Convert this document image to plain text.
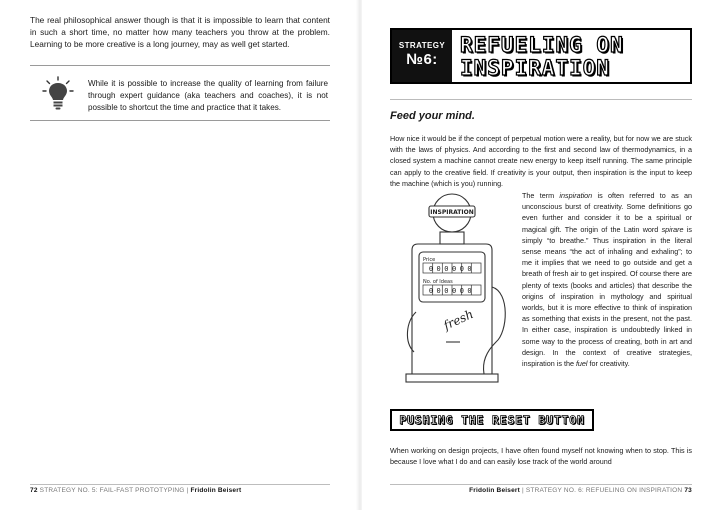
The real philosophical answer though is that it is impossible to learn that content in such a short time, no matter how many teachers you throw at the problem. Learning to be more creative is a long journey, may as well get started.

While it is possible to increase the quality of learning from failure through expert guidance (aka teachers and coaches), it is not possible to shortcut the time and practice that it takes.

72 STRATEGY NO. 5: FAIL-FAST PROTOTYPING | Fridolin Beisert
STRATEGY
№6:
REFUELING ON INSPIRATION

Feed your mind.

How nice it would be if the concept of perpetual motion were a reality, but for now we are stuck with the laws of physics. And according to the first and second law of thermodynamics, in a closed system a machine cannot create new energy to keep itself running. The same principle can apply to the creative field. If creativity is your output, then inspiration is the input to keep the machine (which is you) running.

INSPIRATION
Price
No. of Ideas
000000
000000
fresh

The term inspiration is often referred to as an unconscious burst of creativity. Some definitions go even further and consider it to be a spiritual or magical gift. The origin of the Latin word spirare is simply “to breathe.” Thus inspiration in the literal sense means “the act of inhaling and exhaling”; to me it implies that we need to go outside and get a breath of fresh air to get inspired. Of course there are plenty of texts (books and articles) that describe the origins of inspiration in mythology and spiritual worlds, but it is more effective to think of inspiration as something that exists in the present, not the past. In either case, inspiration is undoubtedly linked in some way to the process of creating, both in art and design. In the context of creative strategies, inspiration is the fuel for creativity.

PUSHING THE RESET BUTTON

When working on design projects, I have often found myself not knowing when to stop. This is because I love what I do and can easily lose track of the world around

Fridolin Beisert | STRATEGY NO. 6: REFUELING ON INSPIRATION 73
